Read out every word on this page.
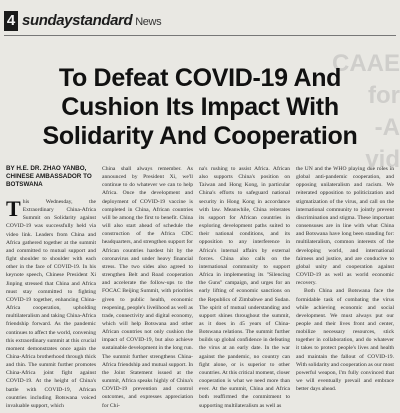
4 sundaystandard News
CAAE
for
-A
vid
To Defeat COVID-19 And Cushion Its Impact With Solidarity And Cooperation
BY H.E. DR. ZHAO YANBO, CHINESE AMBASSADOR TO BOTSWANA
T his Wednesday, the Extraordinary China-Africa Summit on Solidarity against COVID-19 was successfully held via video link. Leaders from China and Africa gathered together at the summit and committed to mutual support and fight shoulder to shoulder with each other in the face of COVID-19. In his keynote speech, Chinese President Xi Jinping stressed that China and Africa must stay committed to fighting COVID-19 together, enhancing China-Africa cooperation, upholding multilateralism and taking China-Africa friendship forward. As the pandemic continues to affect the world, convening this extraordinary summit at this crucial moment demonstrates once again the China-Africa brotherhood through thick and thin. The summit further promotes China-Africa joint fight against COVID-19. At the height of China's battle with COVID-19, African countries including Botswana voiced invaluable support, which

China shall always remember. As announced by President Xi, we'll continue to do whatever we can to help Africa. Once the development and deployment of COVID-19 vaccine is completed in China, African countries will be among the first to benefit. China will also start ahead of schedule the construction of the Africa CDC headquarters, and strengthen support for African countries hardest hit by the coronavirus and under heavy financial stress. The two sides also agreed to strengthen Belt and Road cooperation and accelerate the follow-ups to the FOCAC Beijing Summit, with priorities given to public health, economic reopening, people's livelihood as well as trade, connectivity and digital economy, which will help Botswana and other African countries not only cushion the impact of COVID-19, but also achieve sustainable development in the long run. The summit further strengthens China-Africa friendship and mutual support. In the Joint Statement issued at the summit, Africa speaks highly of China's COVID-19 prevention and control outcomes, and expresses appreciation for Chi-

na's rushing to assist Africa. African also supports China's position on Taiwan and Hong Kong, in particular China's efforts to safeguard national security in Hong Kong in accordance with law. Meanwhile, China reiterates its support for African countries in exploring development paths suited to their national conditions, and its opposition to any interference in Africa's internal affairs by external forces. China also calls on the international community to support Africa in implementing its "Silencing the Guns" campaign, and urges for an early lifting of economic sanctions on the Republics of Zimbabwe and Sudan. The spirit of mutual understanding and support shines throughout the summit, as it does in 45 years of China-Botswana relations. The summit further builds up global confidence in defeating the virus at an early date. In the war against the pandemic, no country can fight alone, or is superior to other countries. At this critical moment, closer cooperation is what we need more than ever. At the summit, China and Africa both reaffirmed the commitment to supporting multilateralism as well as

the UN and the WHO playing due roles in global anti-pandemic cooperation, and opposing unilateralism and racism. We reiterated opposition to politicization and stigmatization of the virus, and call on the international community to jointly prevent discrimination and stigma. These important consensuses are in line with what China and Botswana have long been standing for: multilateralism, common interests of the developing world, and international fairness and justice, and are conducive to global unity and cooperation against COVID-19 as well as world economic recovery.

Both China and Botswana face the formidable task of combating the virus while achieving economic and social development. We must always put our people and their lives front and center, mobilize necessary resources, stick together in collaboration, and do whatever it takes to protect people's lives and health and maintain the fallout of COVID-19. With solidarity and cooperation as our most powerful weapon, I'm fully convinced that we will eventually prevail and embrace better days ahead.
